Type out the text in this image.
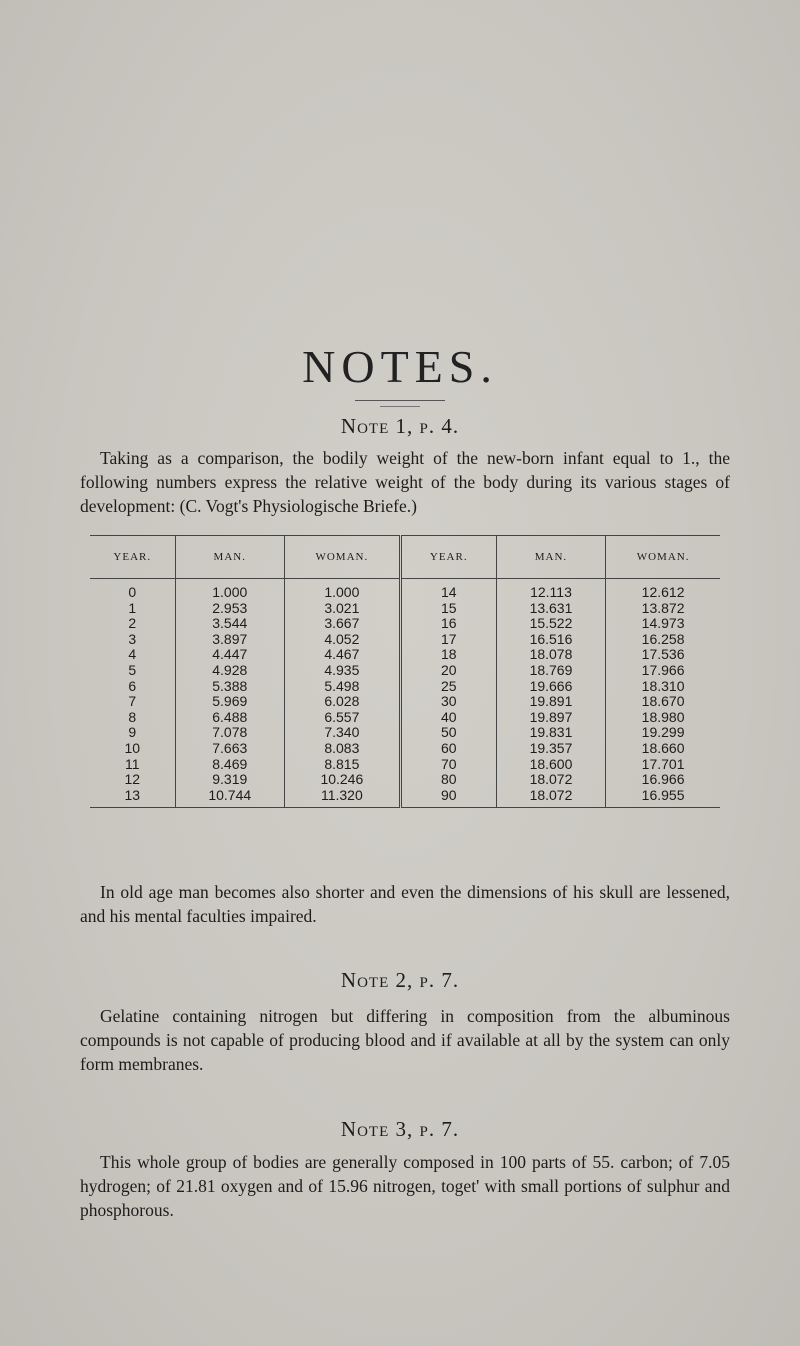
NOTES.
Note 1, p. 4.

Taking as a comparison, the bodily weight of the new-born infant equal to 1., the following numbers express the relative weight of the body during its various stages of development: (C. Vogt's Physiologische Briefe.)

YEAR.	MAN.	WOMAN.	YEAR.	MAN.	WOMAN.
0	1.000	1.000	14	12.113	12.612
1	2.953	3.021	15	13.631	13.872
2	3.544	3.667	16	15.522	14.973
3	3.897	4.052	17	16.516	16.258
4	4.447	4.467	18	18.078	17.536
5	4.928	4.935	20	18.769	17.966
6	5.388	5.498	25	19.666	18.310
7	5.969	6.028	30	19.891	18.670
8	6.488	6.557	40	19.897	18.980
9	7.078	7.340	50	19.831	19.299
10	7.663	8.083	60	19.357	18.660
11	8.469	8.815	70	18.600	17.701
12	9.319	10.246	80	18.072	16.966
13	10.744	11.320	90	18.072	16.955

In old age man becomes also shorter and even the dimensions of his skull are lessened, and his mental faculties impaired.

Note 2, p. 7.

Gelatine containing nitrogen but differing in composition from the albuminous compounds is not capable of producing blood and if available at all by the system can only form membranes.

Note 3, p. 7.

This whole group of bodies are generally composed in 100 parts of 55. carbon; of 7.05 hydrogen; of 21.81 oxygen and of 15.96 nitrogen, toget' with small portions of sulphur and phosphorous.
